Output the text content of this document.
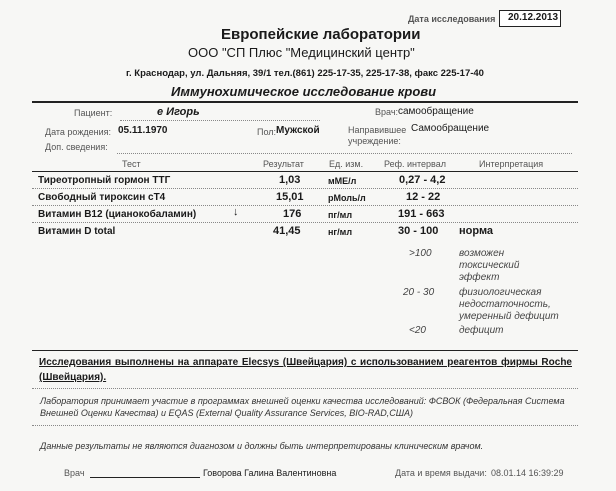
Дата исследования 20.12.2013
Европейские лаборатории
ООО "СП Плюс "Медицинский центр"
г. Краснодар, ул. Дальняя, 39/1 тел.(861) 225-17-35, 225-17-38, факс 225-17-40
Иммунохимическое исследование крови
Пациент:	е Игорь	Врач: самообращение
Дата рождения: 05.11.1970	Пол: Мужской	Направившее
учреждение:
Самообращение
Доп. сведения:
Тест	Результат	Ед. изм. Реф. интервал	Интерпретация
Тиреотропный гормон ТТГ	1,03	мМЕ/л	0,27 - 4,2
Свободный тироксин сТ4	15,01	рМоль/л	12 - 22
Витамин B12 (цианокобаламин)	↓	176	пг/мл	191 - 663
Витамин D total	41,45	нг/мл	30 - 100 норма
>100	возможен токсический эффект
20 - 30 физиологическая недостаточность, умеренный дефицит
<20	дефицит
Исследования выполнены на аппарате Elecsys (Швейцария) с использованием реагентов фирмы Roche (Швейцария).
Лаборатория принимает участие в программах внешней оценки качества исследований: ФСВОК (Федеральная Система Внешней Оценки Качества) и EQAS (External Quality Assurance Services, BIO-RAD,США)
Данные результаты не являются диагнозом и должны быть интерпретированы клиническим врачом.
Врач	Говорова Галина Валентиновна	Дата и время выдачи: 08.01.14 16:39:29
